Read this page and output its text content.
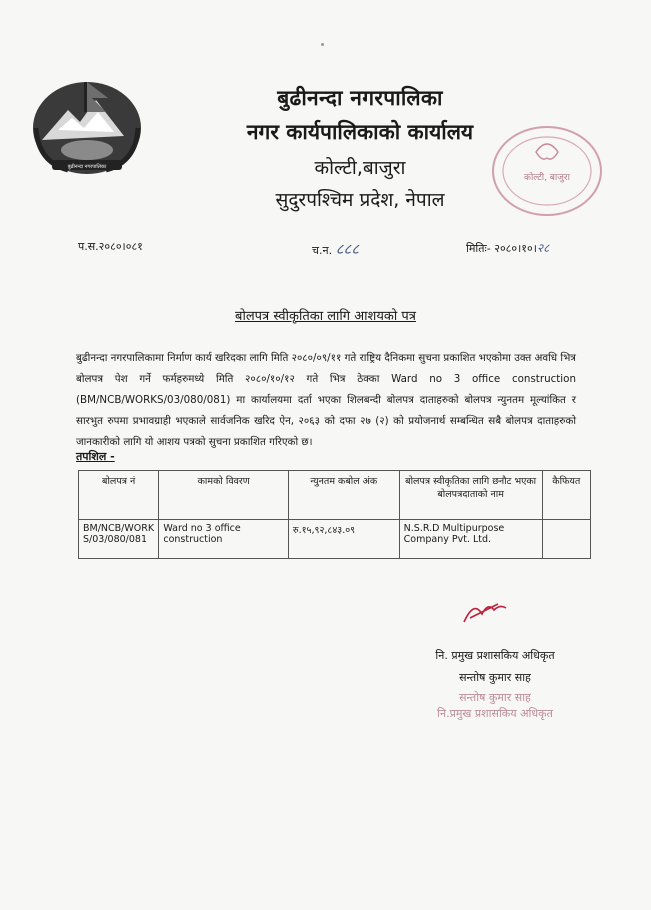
बुढीनन्दा नगरपालिका
बुढीनन्दा नगरपालिका
नगर कार्यपालिकाको कार्यालय
कोल्टी,बाजुरा
सुदुरपश्चिम प्रदेश, नेपाल
कोल्टी, बाजुरा
प.स.२०८०।०८१	च.न. ८८८	मितिः- २०८०।१०।२८
बोलपत्र स्वीकृतिका लागि आशयको पत्र
बुढीनन्दा नगरपालिकामा निर्माण कार्य खरिदका लागि मिति २०८०/०९/११ गते राष्ट्रिय दैनिकमा सुचना प्रकाशित भएकोमा उक्त अवधि भित्र बोलपत्र पेश गर्ने फर्महरुमध्ये मिति २०८०/१०/१२ गते भित्र ठेक्का Ward no 3 office construction (BM/NCB/WORKS/03/080/081) मा कार्यालयमा दर्ता भएका शिलबन्दी बोलपत्र दाताहरुको बोलपत्र न्युनतम मूल्यांकित र सारभुत रुपमा प्रभावग्राही भएकाले सार्वजनिक खरिद ऐन, २०६३ को दफा २७ (२) को प्रयोजनार्थ सम्बन्धित सबै बोलपत्र दाताहरुको जानकारीको लागि यो आशय पत्रको सुचना प्रकाशित गरिएको छ।
तपशिल -
बोलपत्र नं	कामको विवरण	न्युनतम कबोल अंक	बोलपत्र स्वीकृतिका लागि छनौट भएका बोलपत्रदाताको नाम	कैफियत
BM/NCB/WORKS/03/080/081	Ward no 3 office construction	रु.१५,९२,८४३.०९	N.S.R.D Multipurpose Company Pvt. Ltd.	
नि. प्रमुख प्रशासकिय अधिकृत
सन्तोष कुमार साह
सन्तोष कुमार साह
नि.प्रमुख प्रशासकिय अधिकृत
